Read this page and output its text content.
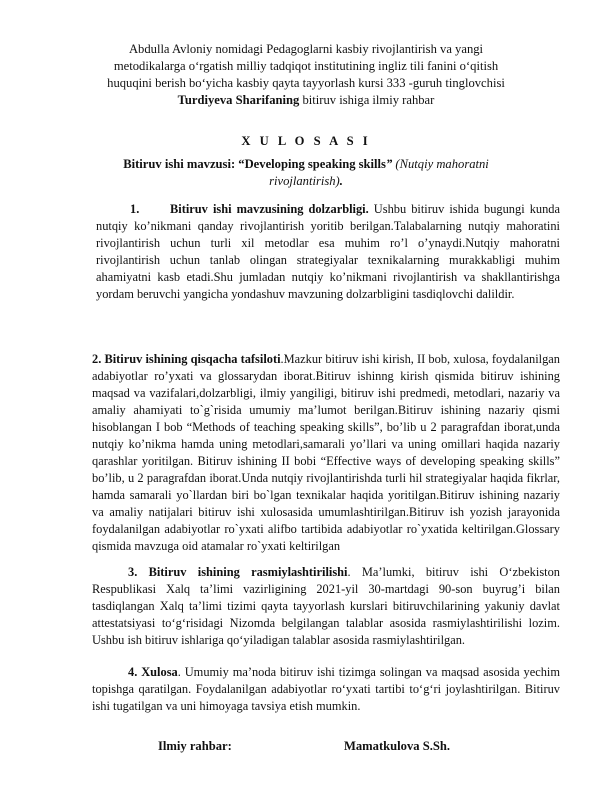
Abdulla Avloniy nomidagi Pedagoglarni kasbiy rivojlantirish va yangi

metodikalarga o‘rgatish milliy tadqiqot institutining ingliz tili fanini o‘qitish

huquqini berish bo‘yicha kasbiy qayta tayyorlash kursi 333 -guruh tinglovchisi

Turdiyeva Sharifaning bitiruv ishiga ilmiy rahbar

X U L O S A S I

Bitiruv ishi mavzusi: “Developing speaking skills” (Nutqiy mahoratni

rivojlantirish).

1. Bitiruv ishi mavzusining dolzarbligi. Ushbu bitiruv ishida bugungi kunda nutqiy ko’nikmani qanday rivojlantirish yoritib berilgan.Talabalarning nutqiy mahoratini rivojlantirish uchun turli xil metodlar esa muhim ro’l o’ynaydi.Nutqiy mahoratni rivojlantirish uchun tanlab olingan strategiyalar texnikalarning murakkabligi muhim ahamiyatni kasb etadi.Shu jumladan nutqiy ko’nikmani rivojlantirish va shakllantirishga yordam beruvchi yangicha yondashuv mavzuning dolzarbligini tasdiqlovchi dalildir.

2. Bitiruv ishining qisqacha tafsiloti.Mazkur bitiruv ishi kirish, II bob, xulosa, foydalanilgan adabiyotlar ro’yxati va glossarydan iborat.Bitiruv ishinng kirish qismida bitiruv ishining maqsad va vazifalari,dolzarbligi, ilmiy yangiligi, bitiruv ishi predmedi, metodlari, nazariy va amaliy ahamiyati to`g`risida umumiy ma’lumot berilgan.Bitiruv ishining nazariy qismi hisoblangan I bob “Methods of teaching speaking skills”, bo’lib u 2 paragrafdan iborat,unda nutqiy ko’nikma hamda uning metodlari,samarali yo’llari va uning omillari haqida nazariy qarashlar yoritilgan. Bitiruv ishining II bobi “Effective ways of developing speaking skills” bo’lib, u 2 paragrafdan iborat.Unda nutqiy rivojlantirishda turli hil strategiyalar haqida fikrlar, hamda samarali yo`llardan biri bo`lgan texnikalar haqida yoritilgan.Bitiruv ishining nazariy va amaliy natijalari bitiruv ishi xulosasida umumlashtirilgan.Bitiruv ish yozish jarayonida foydalanilgan adabiyotlar ro`yxati alifbo tartibida adabiyotlar ro`yxatida keltirilgan.Glossary qismida mavzuga oid atamalar ro`yxati keltirilgan

3. Bitiruv ishining rasmiylashtirilishi. Ma’lumki, bitiruv ishi O‘zbekiston Respublikasi Xalq ta’limi vazirligining 2021-yil 30-martdagi 90-son buyrug’i bilan tasdiqlangan Xalq ta’limi tizimi qayta tayyorlash kurslari bitiruvchilarining yakuniy davlat attestatsiyasi to‘g‘risidagi Nizomda belgilangan talablar asosida rasmiylashtirilishi lozim. Ushbu ish bitiruv ishlariga qo‘yiladigan talablar asosida rasmiylashtirilgan.

4. Xulosa. Umumiy ma’noda bitiruv ishi tizimga solingan va maqsad asosida yechim topishga qaratilgan. Foydalanilgan adabiyotlar ro‘yxati tartibi to‘g‘ri joylashtirilgan. Bitiruv ishi tugatilgan va uni himoyaga tavsiya etish mumkin.

Ilmiy rahbar:	Mamatkulova S.Sh.
